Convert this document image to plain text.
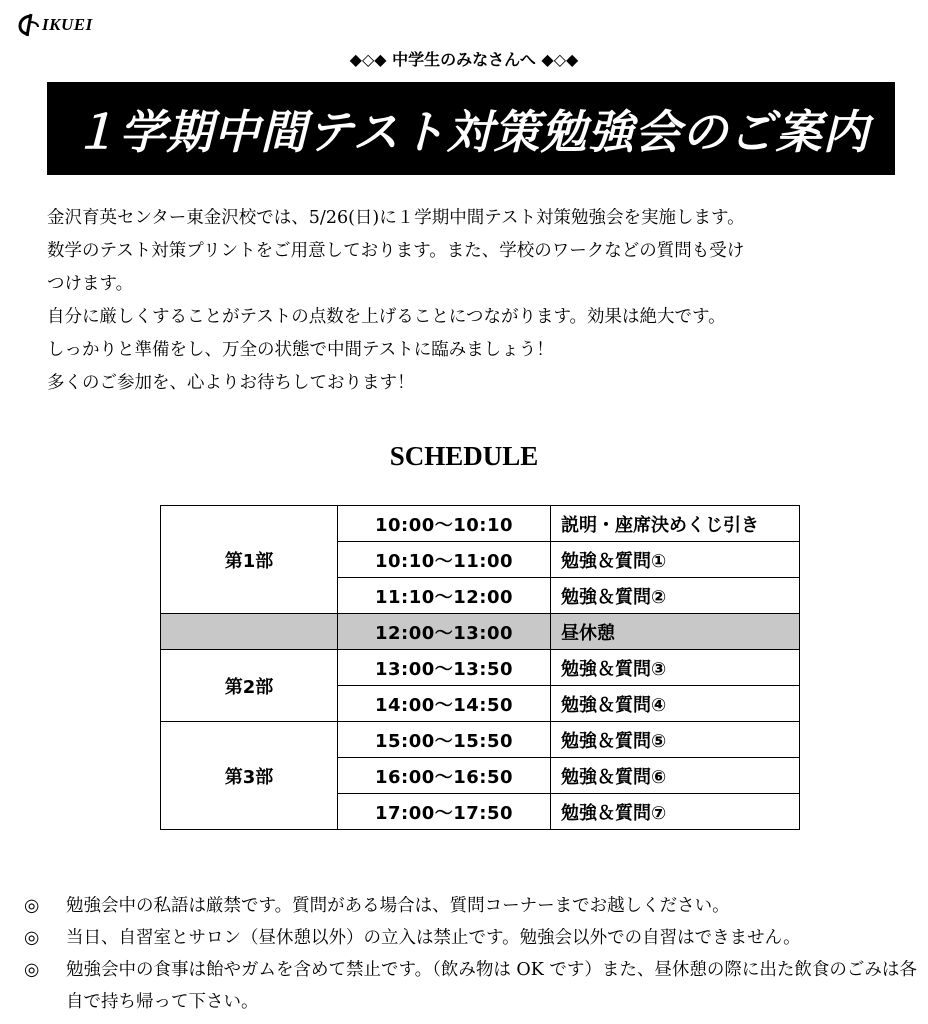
IKUEI
◆◇◆ 中学生のみなさんへ ◆◇◆
１学期中間テスト対策勉強会のご案内

金沢育英センター東金沢校では、5/26(日)に１学期中間テスト対策勉強会を実施します。

数学のテスト対策プリントをご用意しております。また、学校のワークなどの質問も受け

つけます。

自分に厳しくすることがテストの点数を上げることにつながります。効果は絶大です。

しっかりと準備をし、万全の状態で中間テストに臨みましょう！

多くのご参加を、心よりお待ちしております！

SCHEDULE
第1部	10:00〜10:10	説明・座席決めくじ引き
	10:10〜11:00	勉強＆質問①
	11:10〜12:00	勉強＆質問②
	12:00〜13:00	昼休憩
第2部	13:00〜13:50	勉強＆質問③
	14:00〜14:50	勉強＆質問④
第3部	15:00〜15:50	勉強＆質問⑤
	16:00〜16:50	勉強＆質問⑥
	17:00〜17:50	勉強＆質問⑦
◎	勉強会中の私語は厳禁です。質問がある場合は、質問コーナーまでお越しください。
◎	当日、自習室とサロン（昼休憩以外）の立入は禁止です。勉強会以外での自習はできません。
◎	勉強会中の食事は飴やガムを含めて禁止です。（飲み物は OK です）また、昼休憩の際に出た飲食のごみは各自で持ち帰って下さい。
